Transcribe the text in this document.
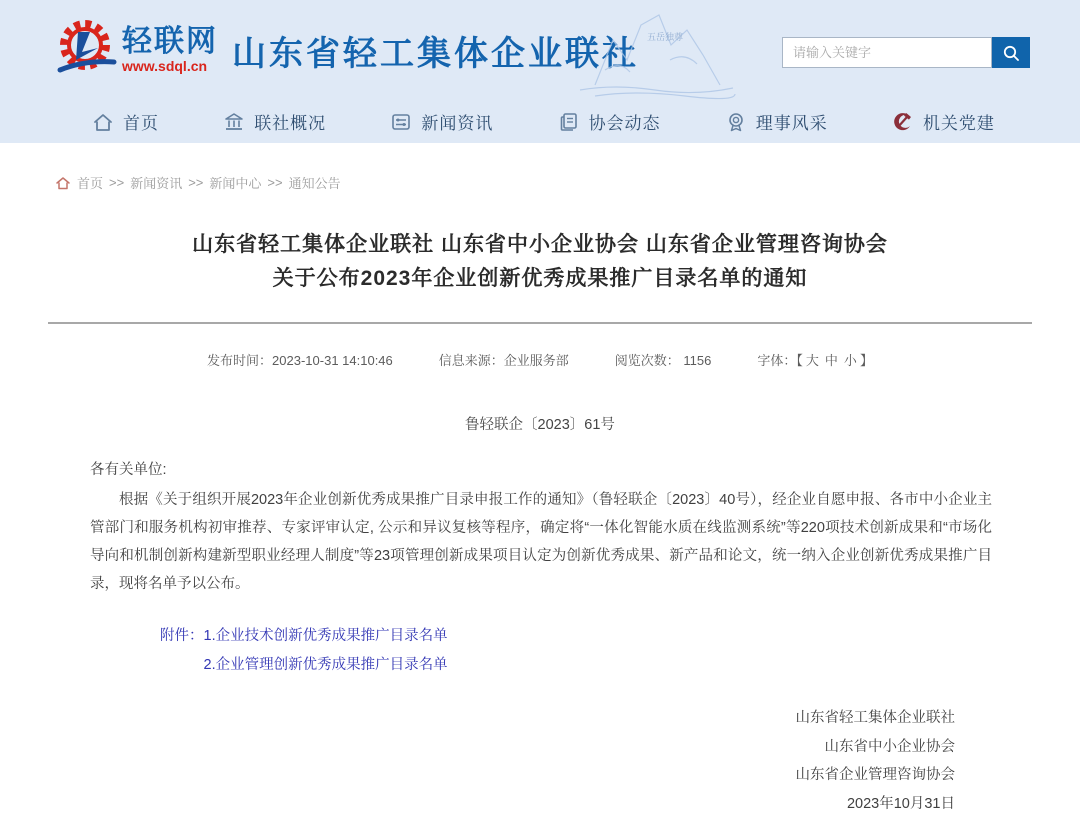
轻联网
www.sdql.cn 山东省轻工集体企业联社 五岳独尊
请输入关键字
首页	联社概况	新闻资讯	协会动态	理事风采	机关党建
首页 >> 新闻资讯 >> 新闻中心 >> 通知公告
山东省轻工集体企业联社 山东省中小企业协会 山东省企业管理咨询协会
关于公布2023年企业创新优秀成果推广目录名单的通知
发布时间：2023-10-31 14:10:46	信息来源：企业服务部	阅览次数： 1156	字体：【 大 中 小 】
鲁轻联企〔2023〕61号
各有关单位:
根据《关于组织开展2023年企业创新优秀成果推广目录申报工作的通知》（鲁轻联企〔2023〕40号），经企业自愿申报、各市中小企业主管部门和服务机构初审推荐、专家评审认定, 公示和异议复核等程序，确定将“一体化智能水质在线监测系统”等220项技术创新成果和“市场化导向和机制创新构建新型职业经理人制度”等23项管理创新成果项目认定为创新优秀成果、新产品和论文，统一纳入企业创新优秀成果推广目录，现将名单予以公布。
附件： 1.企业技术创新优秀成果推广目录名单
2.企业管理创新优秀成果推广目录名单
山东省轻工集体企业联社
山东省中小企业协会
山东省企业管理咨询协会
2023年10月31日
